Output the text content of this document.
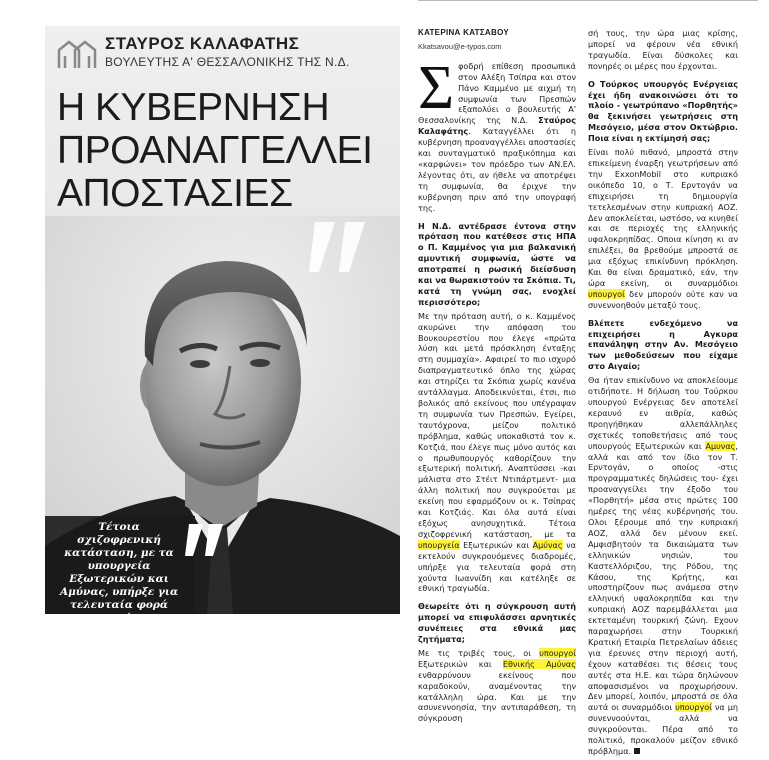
ΣΤΑΥΡΟΣ ΚΑΛΑΦΑΤΗΣ
ΒΟΥΛΕΥΤΗΣ Α' ΘΕΣΣΑΛΟΝΙΚΗΣ ΤΗΣ Ν.Δ.
Η ΚΥΒΕΡΝΗΣΗ
ΠΡΟΑΝΑΓΓΕΛΛΕΙ
ΑΠΟΣΤΑΣΙΕΣ
Τέτοια σχιζοφρενική κατάσταση, με τα υπουργεία Εξωτερικών και Αμύνας, υπήρξε για τελευταία φορά στη χούντα Ιωαννίδη

ΚΑΤΕΡΙΝΑ ΚΑΤΣΑΒΟΥ

Kkatsavou@e-typos.com

Σφοδρή επίθεση προσωπικά στον Αλέξη Τσίπρα και στον Πάνο Καμμένο με αιχμή τη συμφωνία των Πρεσπών εξαπολύει ο βουλευτής Α' Θεσσαλονίκης της Ν.Δ. Σταύρος Καλαφάτης. Καταγγέλλει ότι η κυβέρνηση προαναγγέλλει αποστασίες και συνταγματικό πραξικόπημα και «καρφώνει» τον πρόεδρο των ΑΝ.ΕΛ. λέγοντας ότι, αν ήθελε να αποτρέψει τη συμφωνία, θα έριχνε την κυβέρνηση πριν από την υπογραφή της.

Η Ν.Δ. αντέδρασε έντονα στην πρόταση που κατέθεσε στις ΗΠΑ ο Π. Καμμένος για μια βαλκανική αμυντική συμφωνία, ώστε να αποτραπεί η ρωσική διείσδυση και να θωρακιστούν τα Σκόπια. Τι, κατά τη γνώμη σας, ενοχλεί περισσότερο;

Με την πρόταση αυτή, ο κ. Καμμένος ακυρώνει την απόφαση του Βουκουρεστίου που έλεγε «πρώτα λύση και μετά πρόσκληση ένταξης στη συμμαχία». Αφαιρεί το πιο ισχυρό διαπραγματευτικό όπλο της χώρας και στηρίζει τα Σκόπια χωρίς κανένα αντάλλαγμα. Αποδεικνύεται, έτσι, πιο βολικός από εκείνους που υπέγραψαν τη συμφωνία των Πρεσπών. Εγείρει, ταυτόχρονα, μείζον πολιτικό πρόβλημα, καθώς υποκαθιστά τον κ. Κοτζιά, που έλεγε πως μόνο αυτός και ο πρωθυπουργός καθορίζουν την εξωτερική πολιτική. Αναπτύσσει -και μάλιστα στο Στέιτ Ντιπάρτμεντ- μια άλλη πολιτική που συγκρούεται με εκείνη που εφαρμόζουν οι κ. Τσίπρας και Κοτζιάς. Και όλα αυτά είναι εξόχως ανησυχητικά. Τέτοια σχιζοφρενική κατάσταση, με τα υπουργεία Εξωτερικών και Αμύνας να εκτελούν συγκρουόμενες διαδρομές, υπήρξε για τελευταία φορά στη χούντα Ιωαννίδη και κατέληξε σε εθνική τραγωδία.

Θεωρείτε ότι η σύγκρουση αυτή μπορεί να επιφυλάσσει αρνητικές συνέπειες στα εθνικά μας ζητήματα;

Με τις τριβές τους, οι υπουργοί Εξωτερικών και Εθνικής Αμύνας ενθαρρύνουν εκείνους που καραδοκούν, αναμένοντας την κατάλληλη ώρα. Και με την ασυνεννοησία, την αντιπαράθεση, τη σύγκρουση

σή τους, την ώρα μιας κρίσης, μπορεί να φέρουν νέα εθνική τραγωδία. Είναι δύσκολες και πονηρές οι μέρες που έρχονται.

Ο Τούρκος υπουργός Ενέργειας έχει ήδη ανακοινώσει ότι το πλοίο - γεωτρύπανο «Πορθητής» θα ξεκινήσει γεωτρήσεις στη Μεσόγειο, μέσα στον Οκτώβριο. Ποια είναι η εκτίμησή σας;

Είναι πολύ πιθανό, μπροστά στην επικείμενη έναρξη γεωτρήσεων από την ExxonMobil στο κυπριακό οικόπεδο 10, ο Τ. Ερντογάν να επιχειρήσει τη δημιουργία τετελεσμένων στην κυπριακή ΑΟΖ. Δεν αποκλείεται, ωστόσο, να κινηθεί και σε περιοχές της ελληνικής υφαλοκρηπίδας. Οποια κίνηση κι αν επιλέξει, θα βρεθούμε μπροστά σε μια εξόχως επικίνδυνη πρόκληση. Και θα είναι δραματικό, εάν, την ώρα εκείνη, οι συναρμόδιοι υπουργοί δεν μπορούν ούτε καν να συνεννοηθούν μεταξύ τους.

Βλέπετε ενδεχόμενο να επιχειρήσει η Αγκυρα επανάληψη στην Αν. Μεσόγειο των μεθοδεύσεων που είχαμε στο Αιγαίο;

Θα ήταν επικίνδυνο να αποκλείουμε οτιδήποτε. Η δήλωση του Τούρκου υπουργού Ενέργειας δεν αποτελεί κεραυνό εν αιθρία, καθώς προηγήθηκαν αλλεπάλληλες σχετικές τοποθετήσεις από τους υπουργούς Εξωτερικών και Αμυνας, αλλά και από τον ίδιο τον Τ. Ερντογάν, ο οποίος -στις προγραμματικές δηλώσεις του- έχει προαναγγείλει την έξοδο του «Πορθητή» μέσα στις πρώτες 100 ημέρες της νέας κυβέρνησής του. Ολοι ξέρουμε από την κυπριακή ΑΟΖ, αλλά δεν μένουν εκεί. Αμφισβητούν τα δικαιώματα των ελληνικών νησιών, του Καστελλόριζου, της Ρόδου, της Κάσου, της Κρήτης, και υποστηρίζουν πως ανάμεσα στην ελληνική υφαλοκρηπίδα και την κυπριακή ΑΟΖ παρεμβάλλεται μια εκτεταμένη τουρκική ζώνη. Εχουν παραχωρήσει στην Τουρκική Κρατική Εταιρία Πετρελαίων άδειες για έρευνες στην περιοχή αυτή, έχουν καταθέσει τις θέσεις τους αυτές στα Η.Ε. και τώρα δηλώνουν αποφασισμένοι να προχωρήσουν. Δεν μπορεί, λοιπόν, μπροστά σε όλα αυτά οι συναρμόδιοι υπουργοί να μη συνεννοούνται, αλλά να συγκρούονται. Πέρα από το πολιτικό, προκαλούν μείζον εθνικό πρόβλημα.
